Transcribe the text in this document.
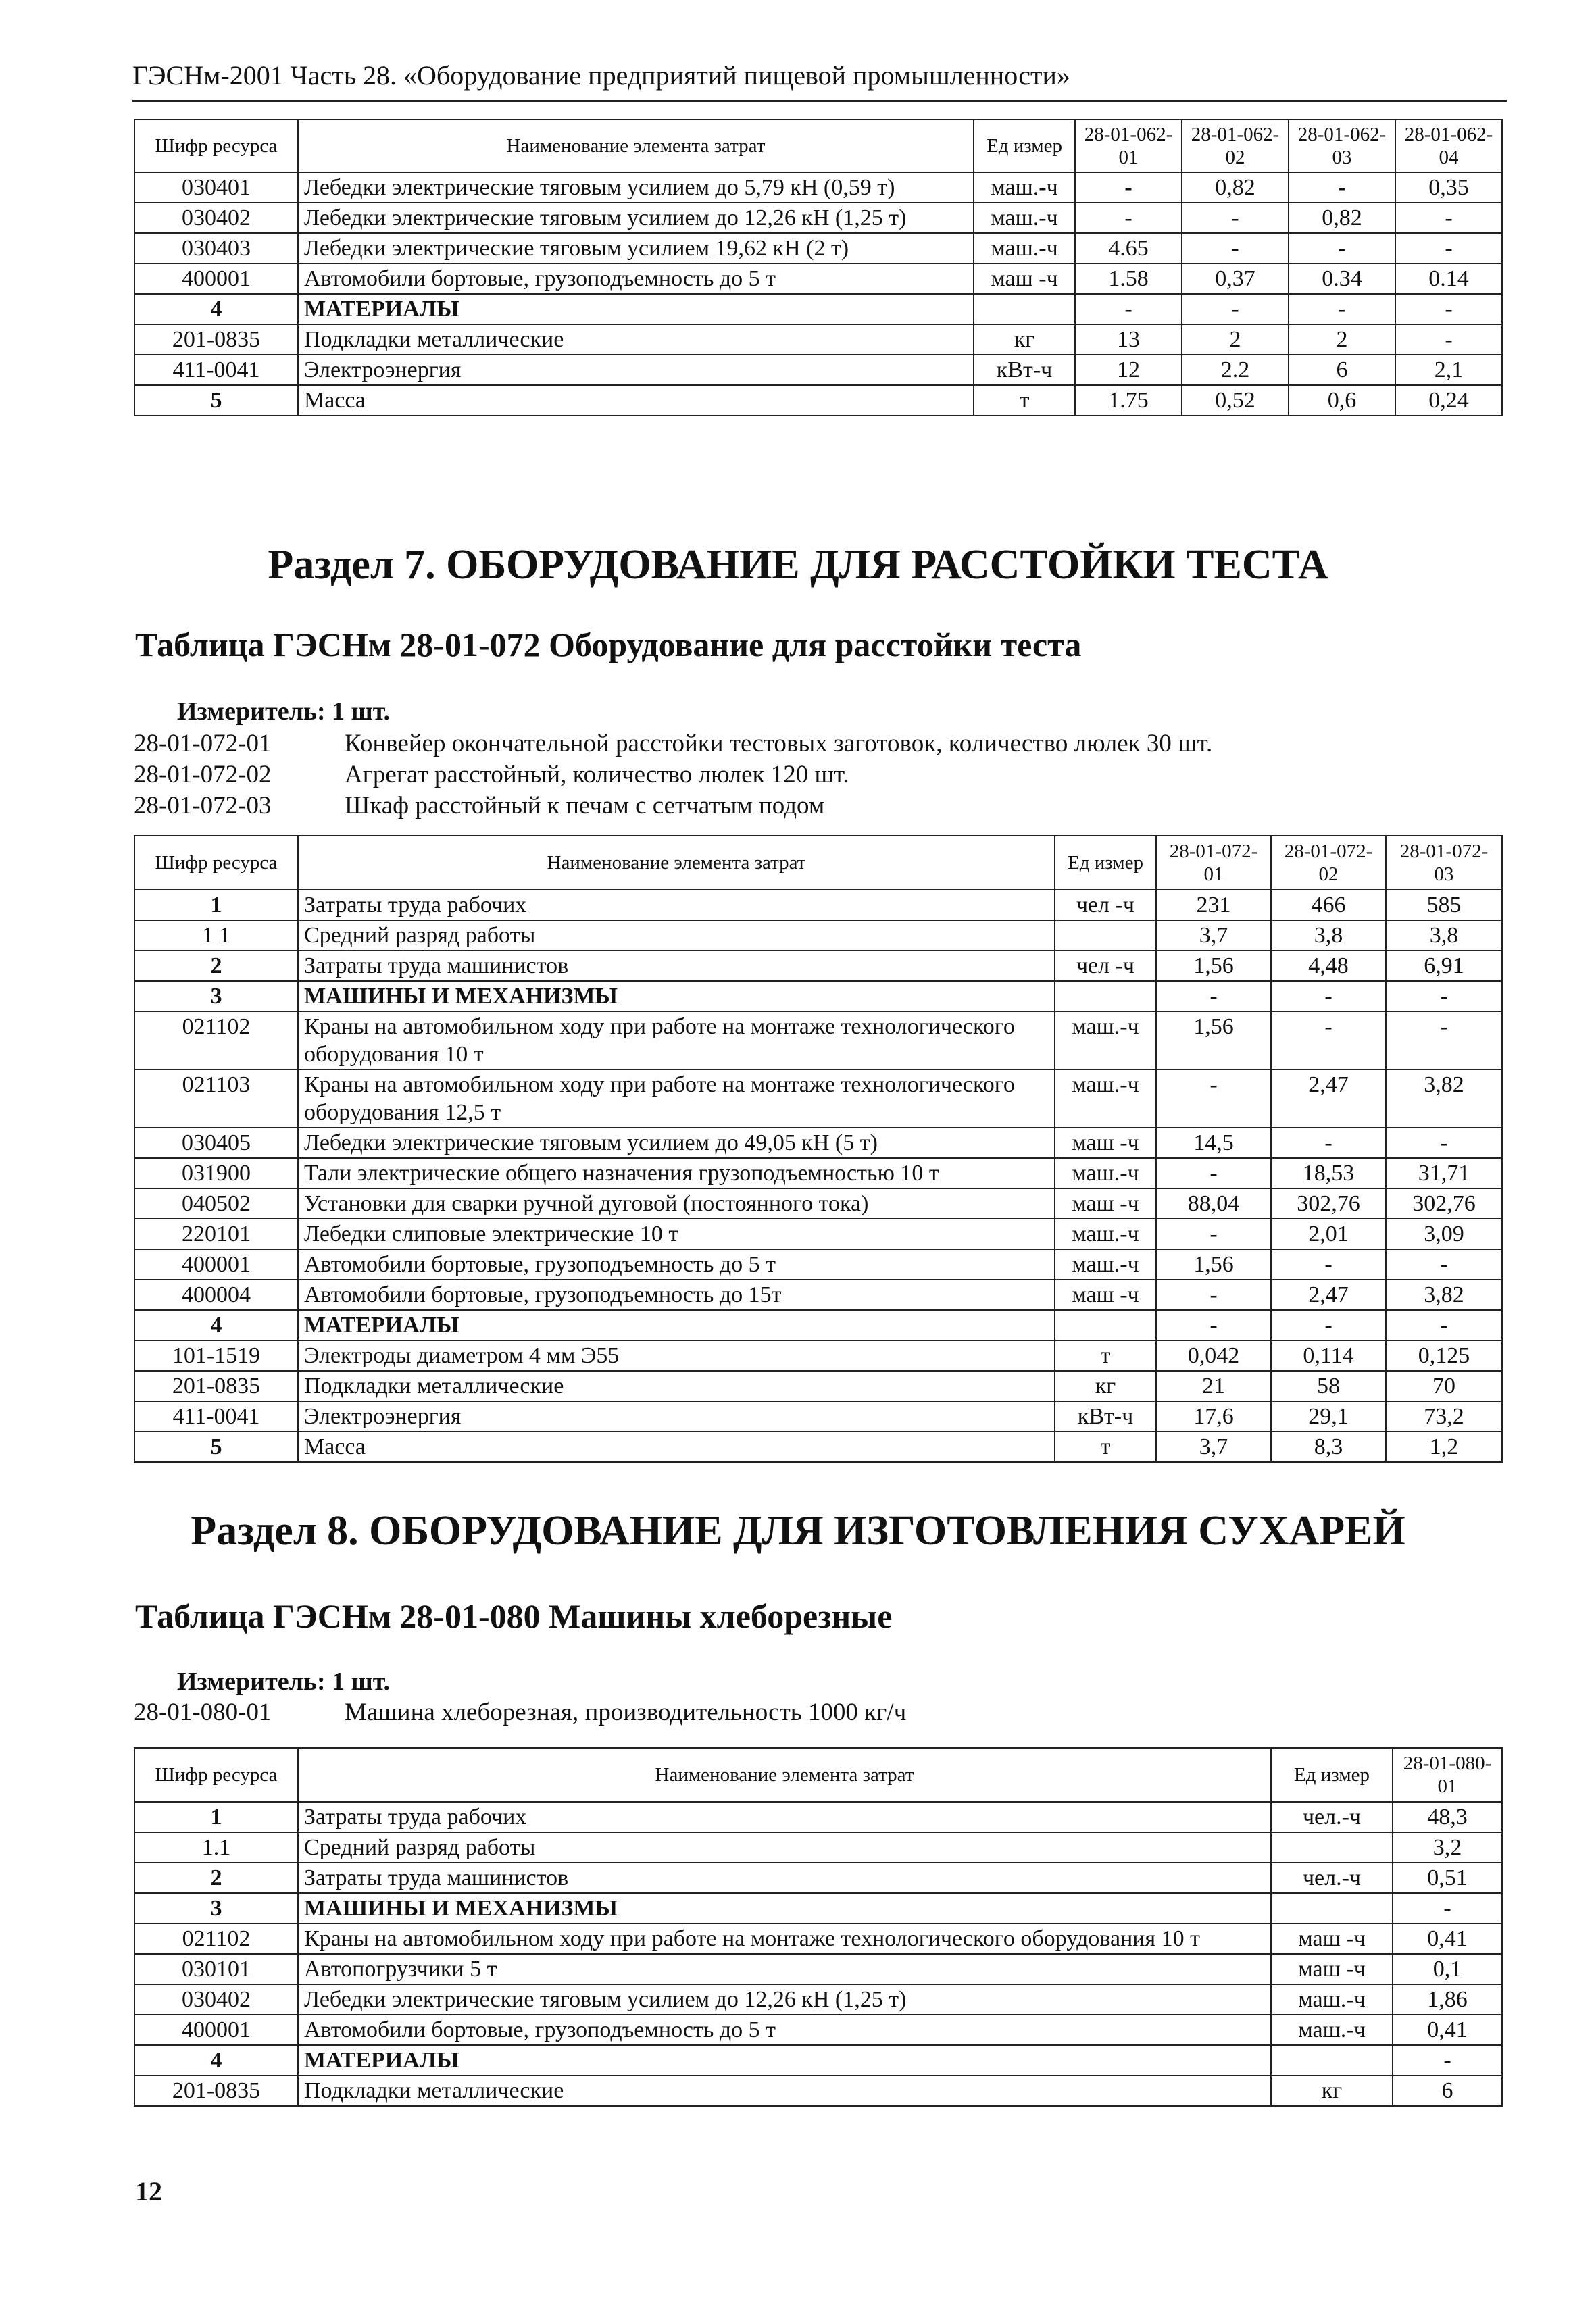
ГЭСНм-2001 Часть 28. «Оборудование предприятий пищевой промышленности»
Шифр ресурса	Наименование элемента затрат	Ед измер	28-01-062-01	28-01-062-02	28-01-062-03	28-01-062-04
030401	Лебедки электрические тяговым усилием до 5,79 кН (0,59 т)	маш.-ч	-	0,82	-	0,35
030402	Лебедки электрические тяговым усилием до 12,26 кН (1,25 т)	маш.-ч	-	-	0,82	-
030403	Лебедки электрические тяговым усилием 19,62 кН (2 т)	маш.-ч	4.65	-	-	-
400001	Автомобили бортовые, грузоподъемность до 5 т	маш -ч	1.58	0,37	0.34	0.14
4	МАТЕРИАЛЫ		-	-	-	-
201-0835	Подкладки металлические	кг	13	2	2	-
411-0041	Электроэнергия	кВт-ч	12	2.2	6	2,1
5	Масса	т	1.75	0,52	0,6	0,24
Раздел 7. ОБОРУДОВАНИЕ ДЛЯ РАССТОЙКИ ТЕСТА
Таблица ГЭСНм 28-01-072 Оборудование для расстойки теста
Измеритель: 1 шт.
28-01-072-01	Конвейер окончательной расстойки тестовых заготовок, количество люлек 30 шт.
28-01-072-02	Агрегат расстойный, количество люлек 120 шт.
28-01-072-03	Шкаф расстойный к печам с сетчатым подом
Шифр ресурса	Наименование элемента затрат	Ед измер	28-01-072-01	28-01-072-02	28-01-072-03
1	Затраты труда рабочих	чел -ч	231	466	585
1 1	Средний разряд работы		3,7	3,8	3,8
2	Затраты труда машинистов	чел -ч	1,56	4,48	6,91
3	МАШИНЫ И МЕХАНИЗМЫ		-	-	-
021102	Краны на автомобильном ходу при работе на монтаже технологического оборудования 10 т	маш.-ч	1,56	-	-
021103	Краны на автомобильном ходу при работе на монтаже технологического оборудования 12,5 т	маш.-ч	-	2,47	3,82
030405	Лебедки электрические тяговым усилием до 49,05 кН (5 т)	маш -ч	14,5	-	-
031900	Тали электрические общего назначения грузоподъемностью 10 т	маш.-ч	-	18,53	31,71
040502	Установки для сварки ручной дуговой (постоянного тока)	маш -ч	88,04	302,76	302,76
220101	Лебедки слиповые электрические 10 т	маш.-ч	-	2,01	3,09
400001	Автомобили бортовые, грузоподъемность до 5 т	маш.-ч	1,56	-	-
400004	Автомобили бортовые, грузоподъемность до 15т	маш -ч	-	2,47	3,82
4	МАТЕРИАЛЫ		-	-	-
101-1519	Электроды диаметром 4 мм Э55	т	0,042	0,114	0,125
201-0835	Подкладки металлические	кг	21	58	70
411-0041	Электроэнергия	кВт-ч	17,6	29,1	73,2
5	Масса	т	3,7	8,3	1,2
Раздел 8. ОБОРУДОВАНИЕ ДЛЯ ИЗГОТОВЛЕНИЯ СУХАРЕЙ
Таблица ГЭСНм 28-01-080 Машины хлеборезные
Измеритель: 1 шт.
28-01-080-01	Машина хлеборезная, производительность 1000 кг/ч
Шифр ресурса	Наименование элемента затрат	Ед измер	28-01-080-01
1	Затраты труда рабочих	чел.-ч	48,3
1.1	Средний разряд работы		3,2
2	Затраты труда машинистов	чел.-ч	0,51
3	МАШИНЫ И МЕХАНИЗМЫ		-
021102	Краны на автомобильном ходу при работе на монтаже технологического оборудования 10 т	маш -ч	0,41
030101	Автопогрузчики 5 т	маш -ч	0,1
030402	Лебедки электрические тяговым усилием до 12,26 кН (1,25 т)	маш.-ч	1,86
400001	Автомобили бортовые, грузоподъемность до 5 т	маш.-ч	0,41
4	МАТЕРИАЛЫ		-
201-0835	Подкладки металлические	кг	6
12
